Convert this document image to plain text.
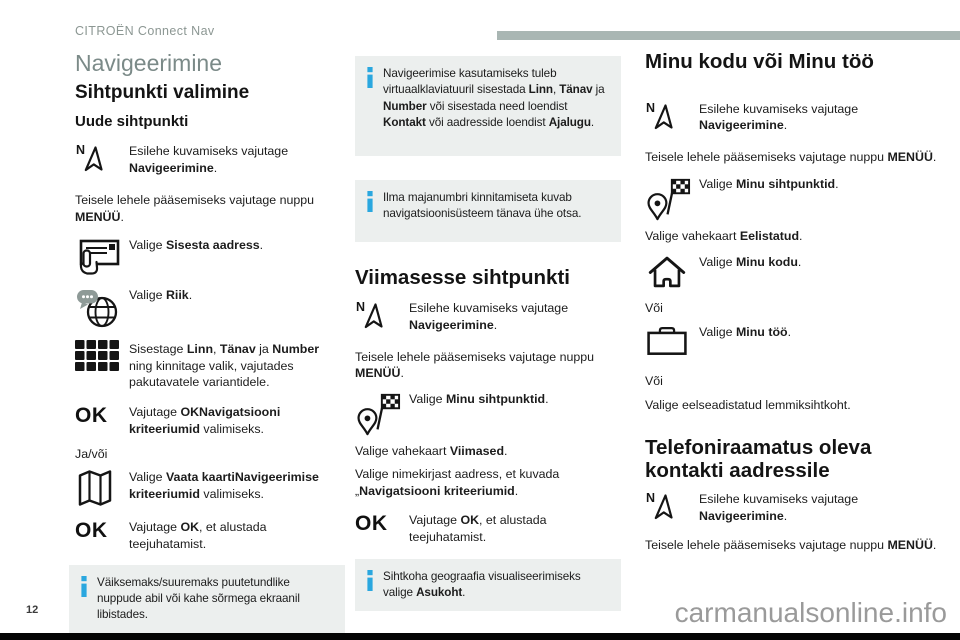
CITROËN Connect Nav
Navigeerimine
Sihtpunkti valimine
Uude sihtpunkti
N	Esilehe kuvamiseks vajutage Navigeerimine.

Teisele lehele pääsemiseks vajutage nuppu MENÜÜ.

Valige Sisesta aadress.

Valige Riik.

Sisestage Linn, Tänav ja Number ning kinnitage valik, vajutades pakutavatele variantidele.

OK Vajutage OKNavigatsiooni kriteeriumid valimiseks.

Ja/või

Valige Vaata kaartiNavigeerimise kriteeriumid valimiseks.

OK Vajutage OK, et alustada teejuhatamist.

Väiksemaks/suuremaks puutetundlike nuppude abil või kahe sõrmega ekraanil libistades.

Navigeerimise kasutamiseks tuleb virtuaalklaviatuuril sisestada Linn, Tänav ja Number või sisestada need loendist Kontakt või aadresside loendist Ajalugu.

Ilma majanumbri kinnitamiseta kuvab navigatsioonisüsteem tänava ühe otsa.

Viimasesse sihtpunkti
N	Esilehe kuvamiseks vajutage Navigeerimine.

Teisele lehele pääsemiseks vajutage nuppu MENÜÜ.

Valige Minu sihtpunktid.

Valige vahekaart Viimased.

Valige nimekirjast aadress, et kuvada „Navigatsiooni kriteeriumid.

OK Vajutage OK, et alustada teejuhatamist.

Sihtkoha geograafia visualiseerimiseks valige Asukoht.

Minu kodu või Minu töö
N	Esilehe kuvamiseks vajutage Navigeerimine.

Teisele lehele pääsemiseks vajutage nuppu MENÜÜ.

Valige Minu sihtpunktid.

Valige vahekaart Eelistatud.

Valige Minu kodu.

Või

Valige Minu töö.

Või

Valige eelseadistatud lemmiksihtkoht.

Telefoniraamatus oleva kontakti aadressile
N	Esilehe kuvamiseks vajutage Navigeerimine.

Teisele lehele pääsemiseks vajutage nuppu MENÜÜ.

12	carmanualsonline.info
